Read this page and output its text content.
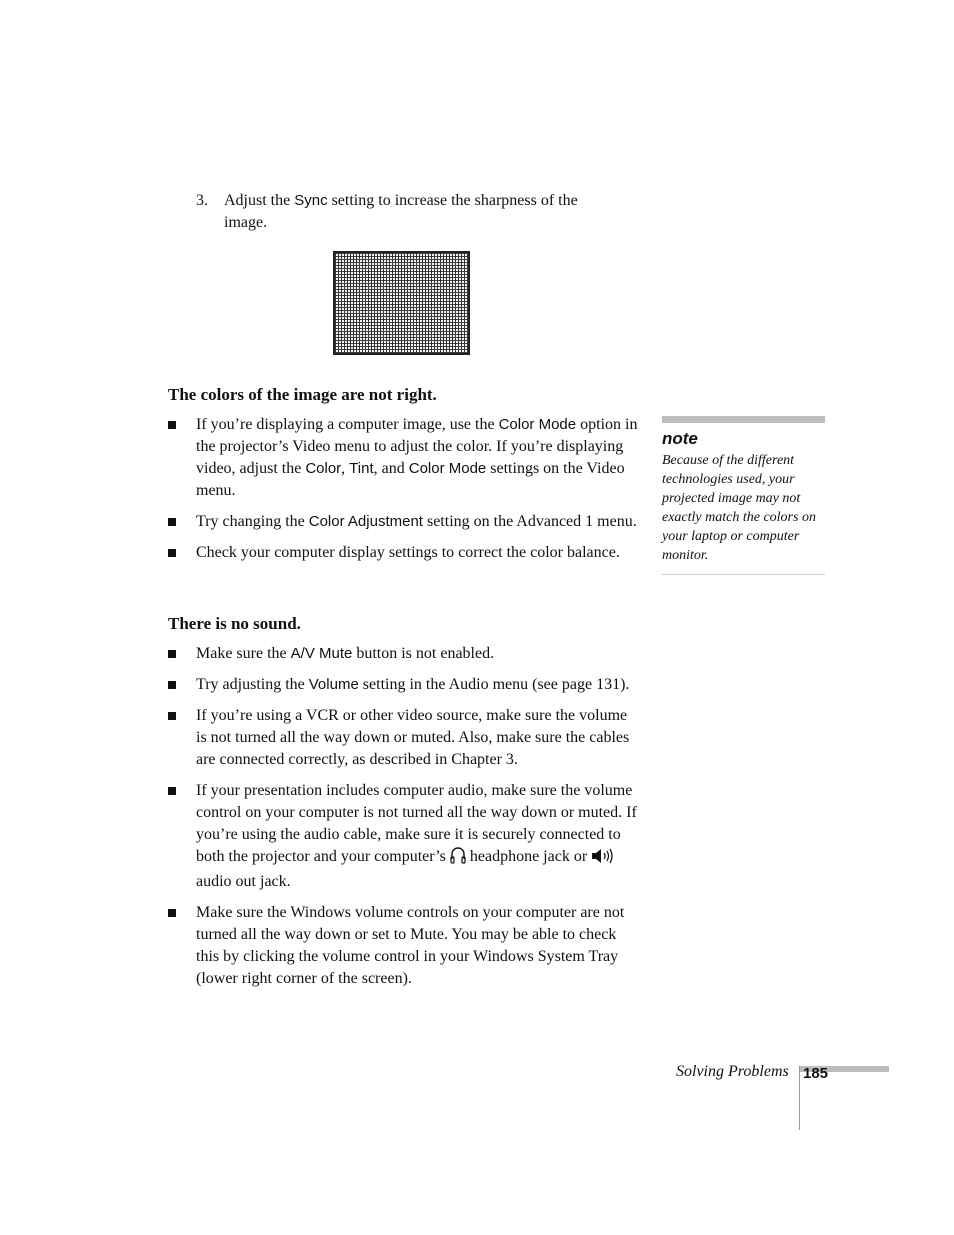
3. Adjust the Sync setting to increase the sharpness of the image.
The colors of the image are not right.
If you’re displaying a computer image, use the Color Mode option in the projector’s Video menu to adjust the color. If you’re displaying video, adjust the Color, Tint, and Color Mode settings on the Video menu.
Try changing the Color Adjustment setting on the Advanced 1 menu.
Check your computer display settings to correct the color balance.
note
Because of the different technologies used, your projected image may not exactly match the colors on your laptop or computer monitor.
There is no sound.
Make sure the A/V Mute button is not enabled.
Try adjusting the Volume setting in the Audio menu (see page 131).
If you’re using a VCR or other video source, make sure the volume is not turned all the way down or muted. Also, make sure the cables are connected correctly, as described in Chapter 3.
If your presentation includes computer audio, make sure the volume control on your computer is not turned all the way down or muted. If you’re using the audio cable, make sure it is securely connected to both the projector and your computer’s  headphone jack or  audio out jack.
Make sure the Windows volume controls on your computer are not turned all the way down or set to Mute. You may be able to check this by clicking the volume control in your Windows System Tray (lower right corner of the screen).
Solving Problems 185
